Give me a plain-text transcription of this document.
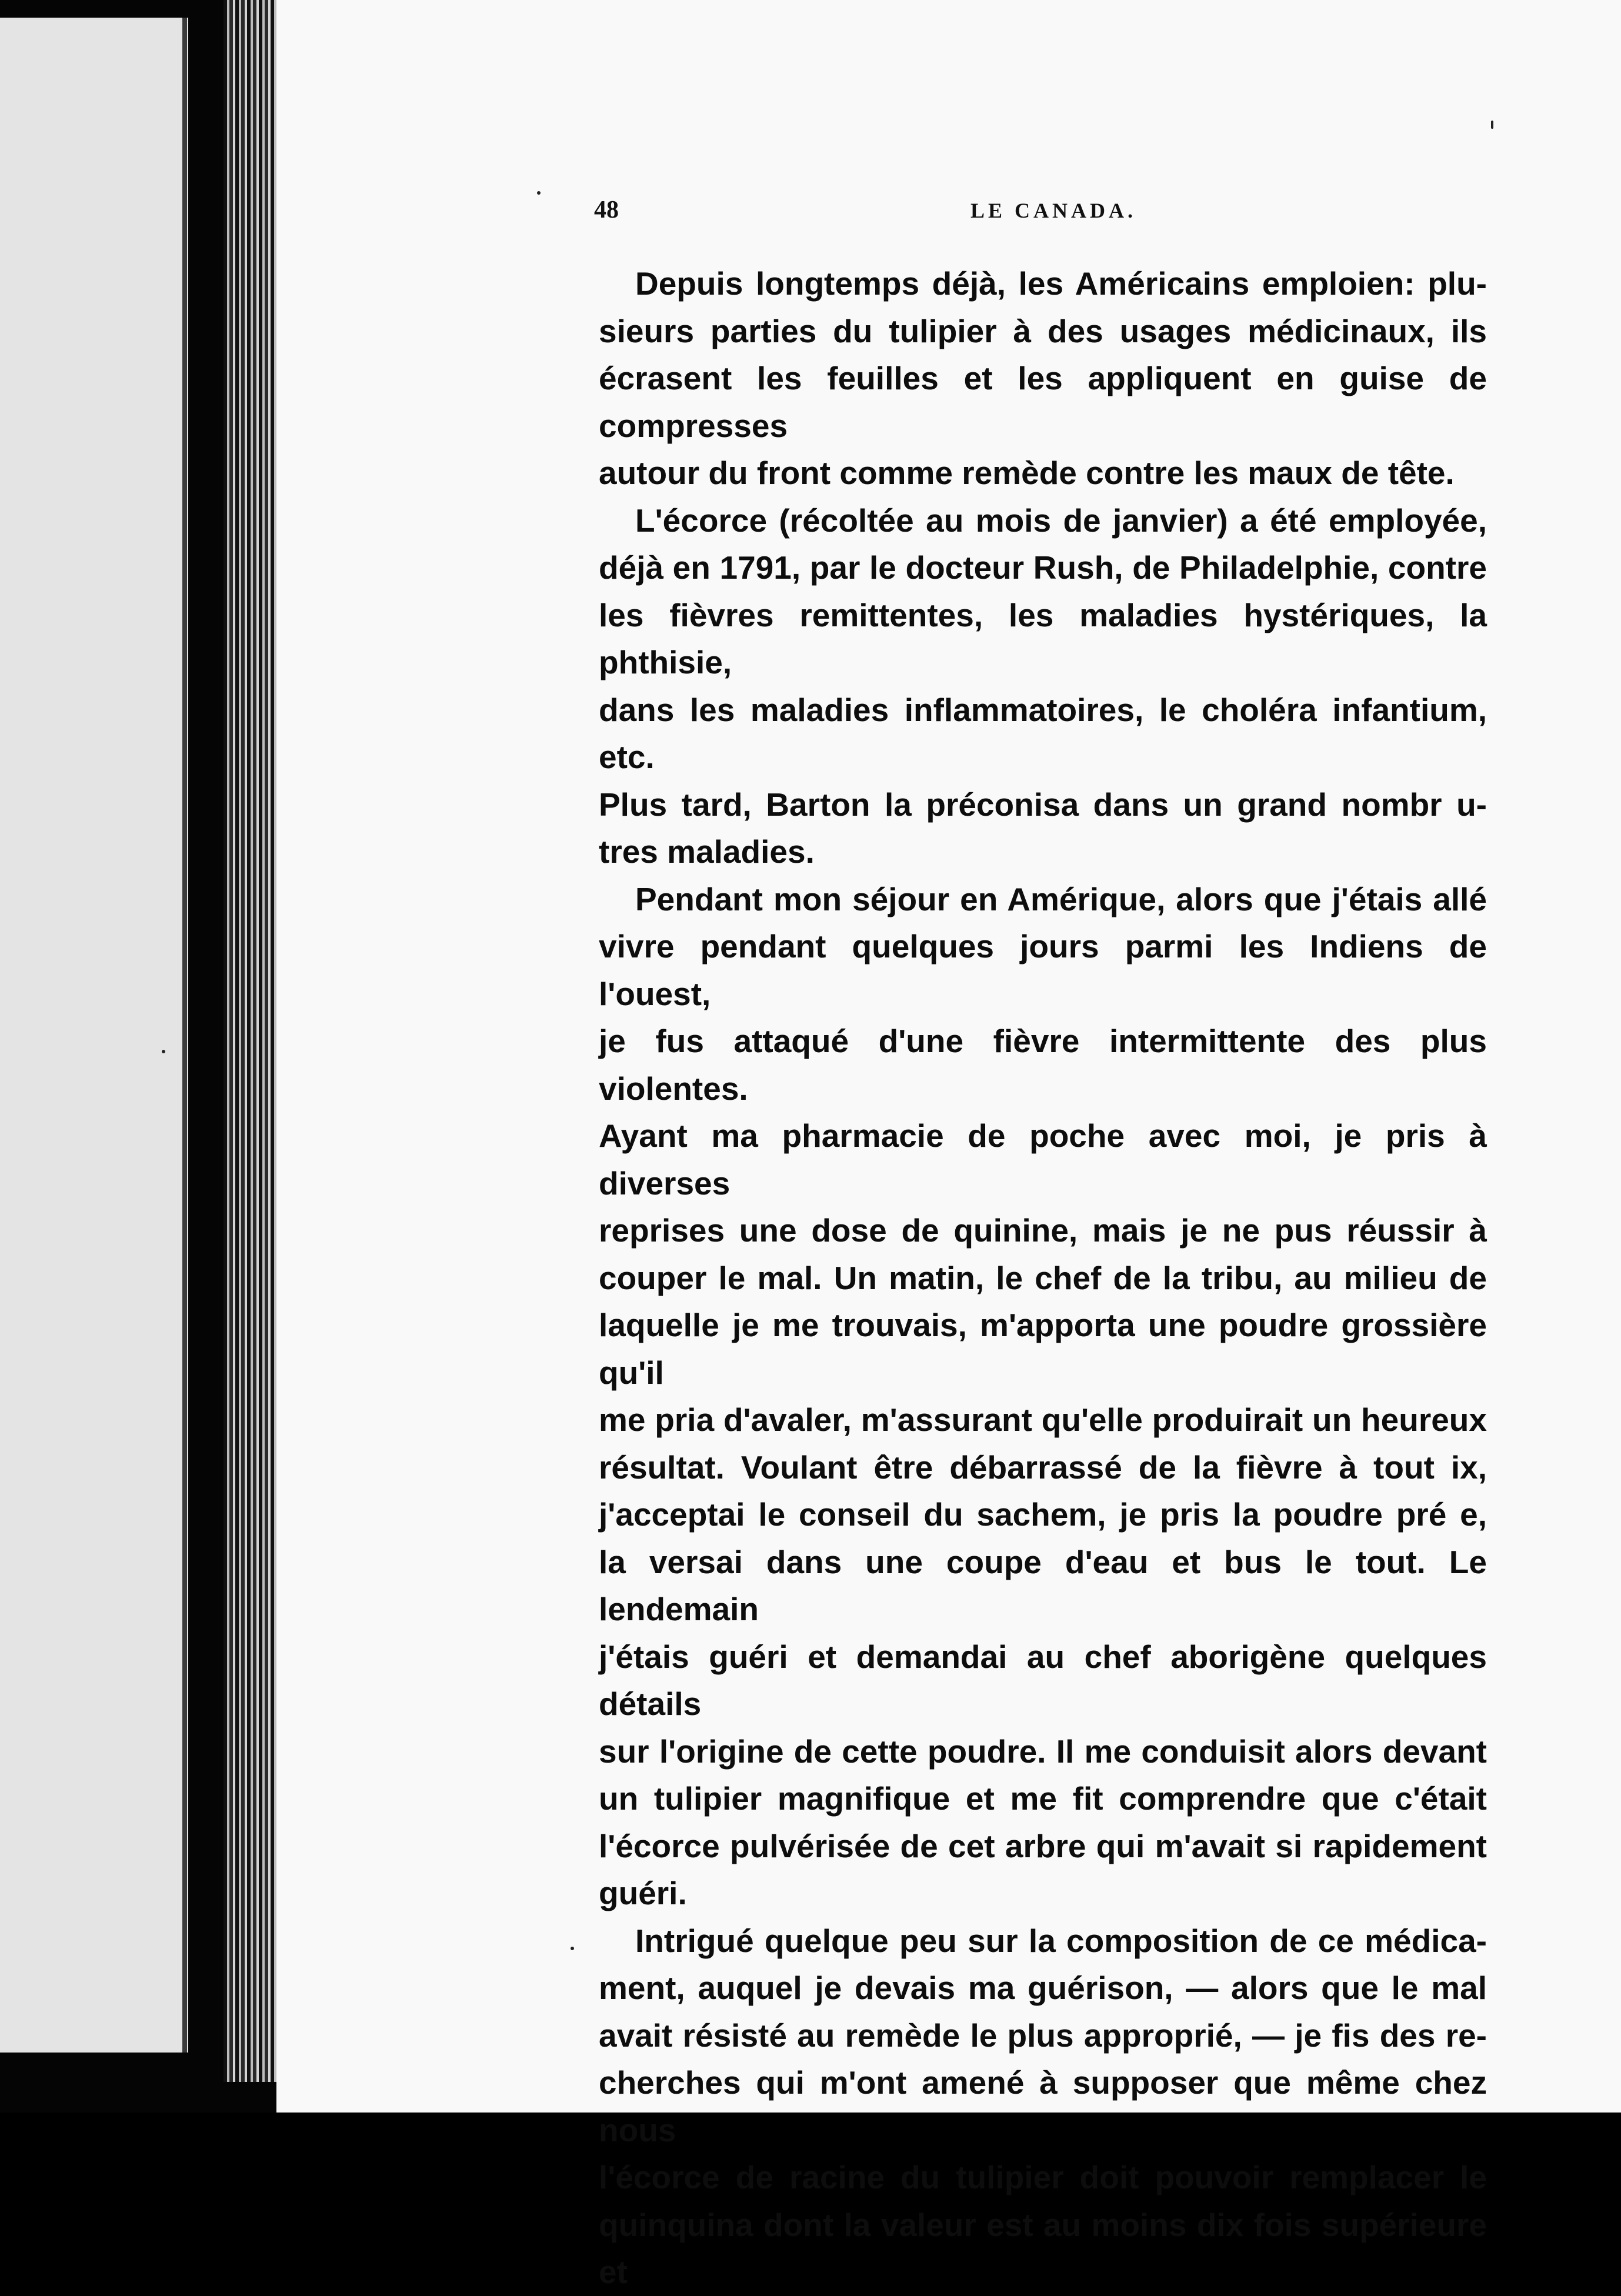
48	LE CANADA.

Depuis longtemps déjà, les Américains emploien: plu-
sieurs parties du tulipier à des usages médicinaux, ils
écrasent les feuilles et les appliquent en guise de compresses
autour du front comme remède contre les maux de tête.

L'écorce (récoltée au mois de janvier) a été employée,
déjà en 1791, par le docteur Rush, de Philadelphie, contre
les fièvres remittentes, les maladies hystériques, la phthisie,
dans les maladies inflammatoires, le choléra infantium, etc.
Plus tard, Barton la préconisa dans un grand nombr u-
tres maladies.

Pendant mon séjour en Amérique, alors que j'étais allé
vivre pendant quelques jours parmi les Indiens de l'ouest,
je fus attaqué d'une fièvre intermittente des plus violentes.
Ayant ma pharmacie de poche avec moi, je pris à diverses
reprises une dose de quinine, mais je ne pus réussir à
couper le mal. Un matin, le chef de la tribu, au milieu de
laquelle je me trouvais, m'apporta une poudre grossière qu'il
me pria d'avaler, m'assurant qu'elle produirait un heureux
résultat. Voulant être débarrassé de la fièvre à tout ix,
j'acceptai le conseil du sachem, je pris la poudre pré e,
la versai dans une coupe d'eau et bus le tout. Le lendemain
j'étais guéri et demandai au chef aborigène quelques détails
sur l'origine de cette poudre. Il me conduisit alors devant
un tulipier magnifique et me fit comprendre que c'était
l'écorce pulvérisée de cet arbre qui m'avait si rapidement
guéri.

Intrigué quelque peu sur la composition de ce médica-
ment, auquel je devais ma guérison, — alors que le mal
avait résisté au remède le plus approprié, — je fis des re-
cherches qui m'ont amené à supposer que même chez nous
l'écorce de racine du tulipier doit pouvoir remplacer le
quinquina dont la valeur est au moins dix fois supérieure et
